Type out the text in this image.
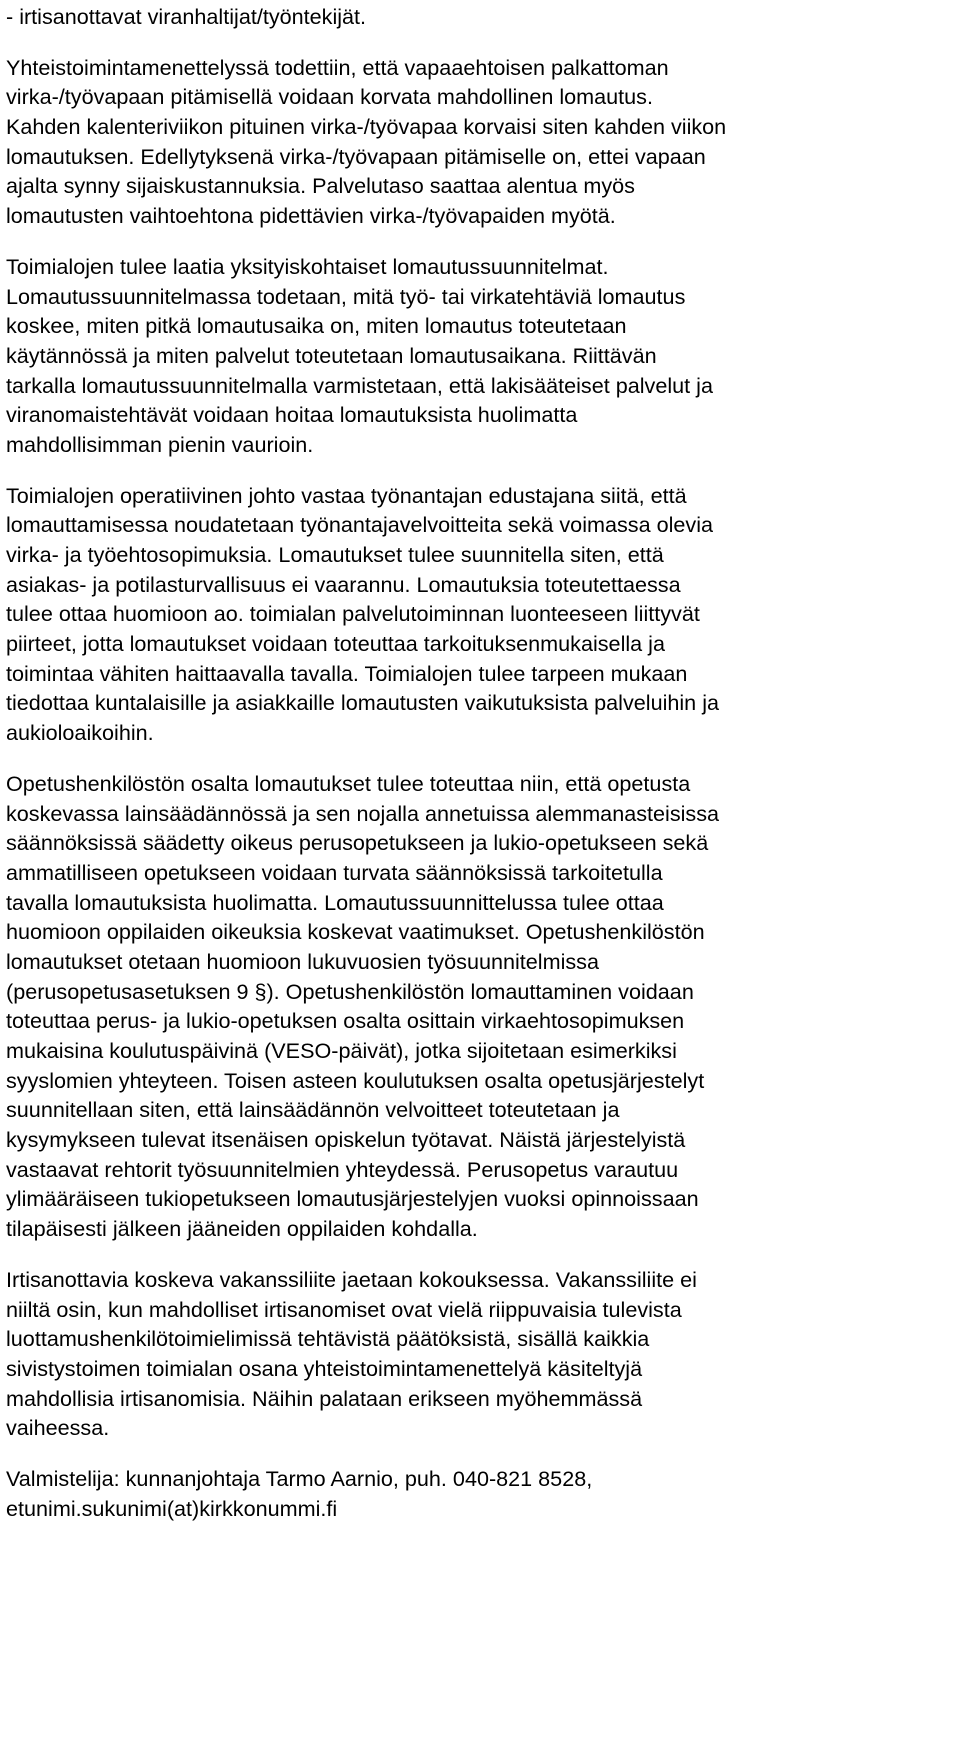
- irtisanottavat viranhaltijat/työntekijät.
Yhteistoimintamenettelyssä todettiin, että vapaaehtoisen palkattoman
virka-/työvapaan pitämisellä voidaan korvata mahdollinen lomautus.
Kahden kalenteriviikon pituinen virka-/työvapaa korvaisi siten kahden viikon
lomautuksen. Edellytyksenä virka-/työvapaan pitämiselle on, ettei vapaan
ajalta synny sijaiskustannuksia. Palvelutaso saattaa alentua myös
lomautusten vaihtoehtona pidettävien virka-/työvapaiden myötä.
Toimialojen tulee laatia yksityiskohtaiset lomautussuunnitelmat.
Lomautussuunnitelmassa todetaan, mitä työ- tai virkatehtäviä lomautus
koskee, miten pitkä lomautusaika on, miten lomautus toteutetaan
käytännössä ja miten palvelut toteutetaan lomautusaikana. Riittävän
tarkalla lomautussuunnitelmalla varmistetaan, että lakisääteiset palvelut ja
viranomaistehtävät voidaan hoitaa lomautuksista huolimatta
mahdollisimman pienin vaurioin.
Toimialojen operatiivinen johto vastaa työnantajan edustajana siitä, että
lomauttamisessa noudatetaan työnantajavelvoitteita sekä voimassa olevia
virka- ja työehtosopimuksia. Lomautukset tulee suunnitella siten, että
asiakas- ja potilasturvallisuus ei vaarannu. Lomautuksia toteutettaessa
tulee ottaa huomioon ao. toimialan palvelutoiminnan luonteeseen liittyvät
piirteet, jotta lomautukset voidaan toteuttaa tarkoituksenmukaisella ja
toimintaa vähiten haittaavalla tavalla. Toimialojen tulee tarpeen mukaan
tiedottaa kuntalaisille ja asiakkaille lomautusten vaikutuksista palveluihin ja
aukioloaikoihin.
Opetushenkilöstön osalta lomautukset tulee toteuttaa niin, että opetusta
koskevassa lainsäädännössä ja sen nojalla annetuissa alemmanasteisissa
säännöksissä säädetty oikeus perusopetukseen ja lukio-opetukseen sekä
ammatilliseen opetukseen voidaan turvata säännöksissä tarkoitetulla
tavalla lomautuksista huolimatta. Lomautussuunnittelussa tulee ottaa
huomioon oppilaiden oikeuksia koskevat vaatimukset. Opetushenkilöstön
lomautukset otetaan huomioon lukuvuosien työsuunnitelmissa
(perusopetusasetuksen 9 §). Opetushenkilöstön lomauttaminen voidaan
toteuttaa perus- ja lukio-opetuksen osalta osittain virkaehtosopimuksen
mukaisina koulutuspäivinä (VESO-päivät), jotka sijoitetaan esimerkiksi
syyslomien yhteyteen. Toisen asteen koulutuksen osalta opetusjärjestelyt
suunnitellaan siten, että lainsäädännön velvoitteet toteutetaan ja
kysymykseen tulevat itsenäisen opiskelun työtavat. Näistä järjestelyistä
vastaavat rehtorit työsuunnitelmien yhteydessä. Perusopetus varautuu
ylimääräiseen tukiopetukseen lomautusjärjestelyjen vuoksi opinnoissaan
tilapäisesti jälkeen jääneiden oppilaiden kohdalla.
Irtisanottavia koskeva vakanssiliite jaetaan kokouksessa. Vakanssiliite ei
niiltä osin, kun mahdolliset irtisanomiset ovat vielä riippuvaisia tulevista
luottamushenkilötoimielimissä tehtävistä päätöksistä, sisällä kaikkia
sivistystoimen toimialan osana yhteistoimintamenettelyä käsiteltyjä
mahdollisia irtisanomisia. Näihin palataan erikseen myöhemmässä
vaiheessa.
Valmistelija: kunnanjohtaja Tarmo Aarnio, puh. 040-821 8528,
etunimi.sukunimi(at)kirkkonummi.fi
